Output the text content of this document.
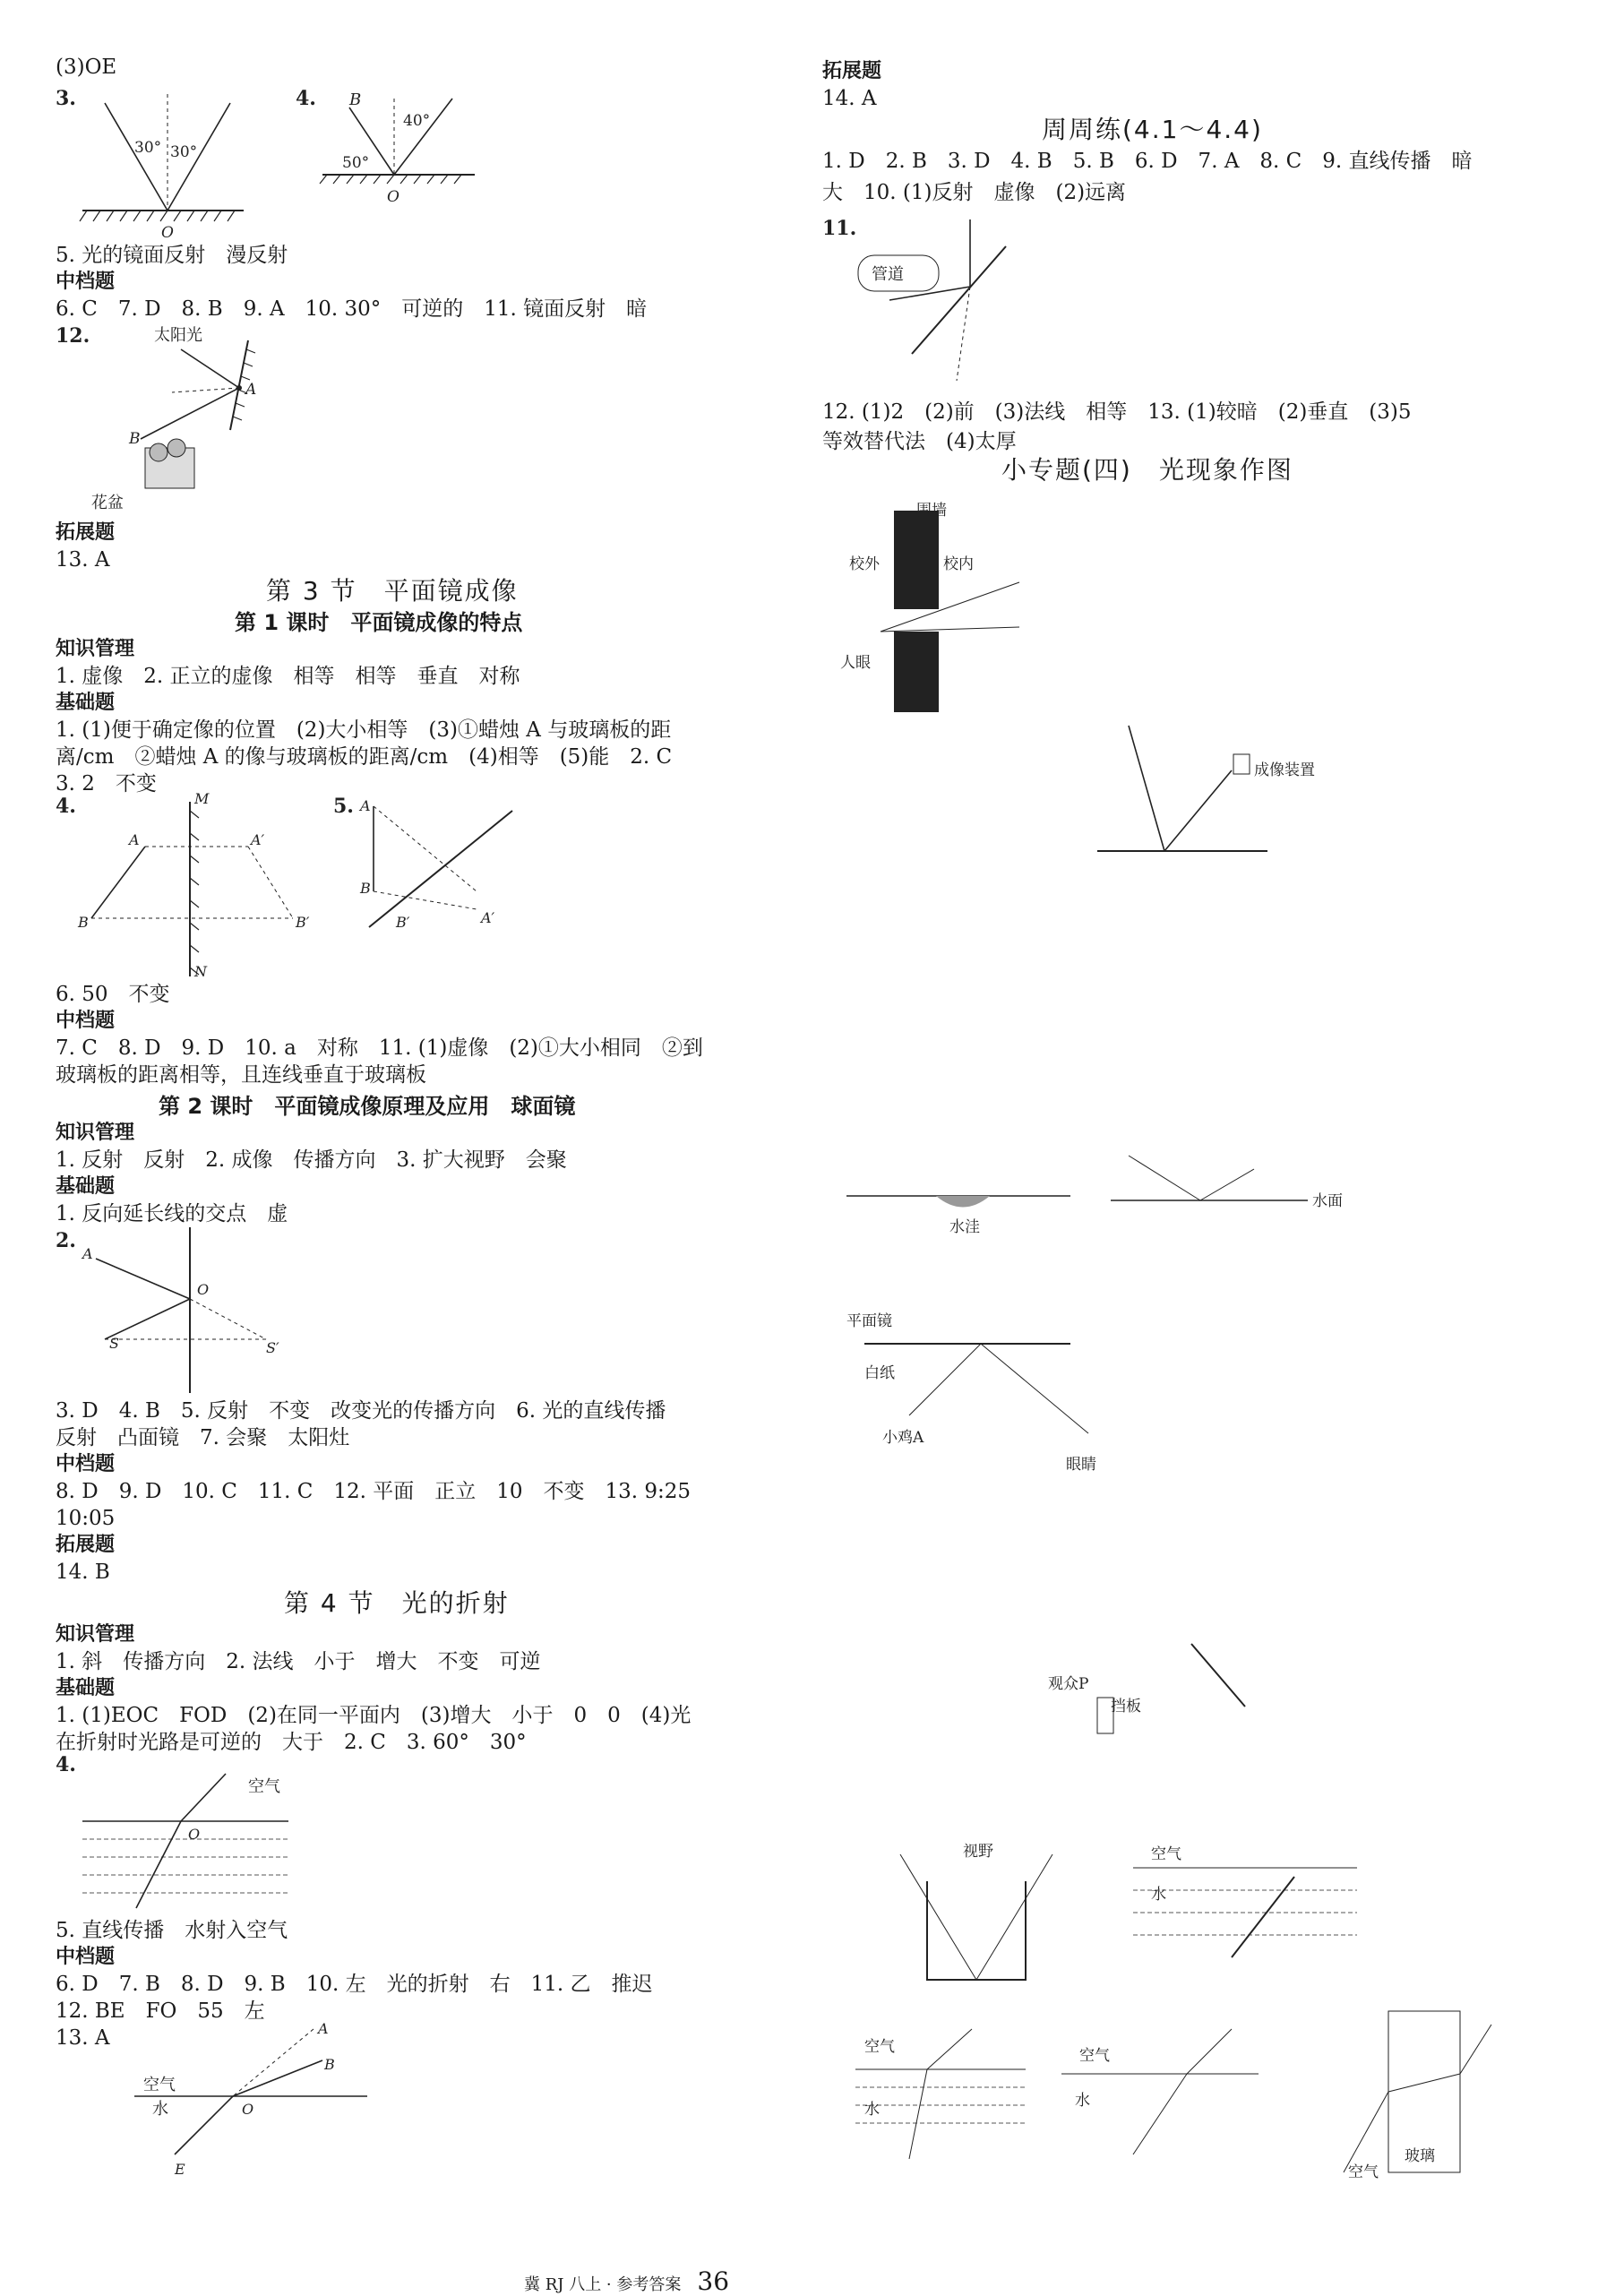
(3)OE
5. 光的镜面反射　漫反射
中档题
6. C　7. D　8. B　9. A　10. 30°　可逆的　11. 镜面反射　暗
拓展题
13. A
第 3 节　平面镜成像
第 1 课时　平面镜成像的特点
知识管理
1. 虚像　2. 正立的虚像　相等　相等　垂直　对称
基础题
1. (1)便于确定像的位置　(2)大小相等　(3)①蜡烛 A 与玻璃板的距
离/cm　②蜡烛 A 的像与玻璃板的距离/cm　(4)相等　(5)能　2. C
3. 2　不变
6. 50　不变
中档题
7. C　8. D　9. D　10. a　对称　11. (1)虚像　(2)①大小相同　②到
玻璃板的距离相等，且连线垂直于玻璃板
第 2 课时　平面镜成像原理及应用　球面镜
知识管理
1. 反射　反射　2. 成像　传播方向　3. 扩大视野　会聚
基础题
1. 反向延长线的交点　虚
3. D　4. B　5. 反射　不变　改变光的传播方向　6. 光的直线传播
反射　凸面镜　7. 会聚　太阳灶
中档题
8. D　9. D　10. C　11. C　12. 平面　正立　10　不变　13. 9:25
10:05
拓展题
14. B
第 4 节　光的折射
知识管理
1. 斜　传播方向　2. 法线　小于　增大　不变　可逆
基础题
1. (1)EOC　FOD　(2)在同一平面内　(3)增大　小于　0　0　(4)光
在折射时光路是可逆的　大于　2. C　3. 60°　30°
5. 直线传播　水射入空气
中档题
6. D　7. B　8. D　9. B　10. 左　光的折射　右　11. 乙　推迟
12. BE　FO　55　左
13. A
拓展题
14. A
周周练(4.1～4.4)
1. D　2. B　3. D　4. B　5. B　6. D　7. A　8. C　9. 直线传播　暗
大　10. (1)反射　虚像　(2)远离
12. (1)2　(2)前　(3)法线　相等　13. (1)较暗　(2)垂直　(3)5
等效替代法　(4)太厚
小专题(四)　光现象作图
3.
30° 30°
O
4. B
40°
50°
O
12.	太阳光
A
B
花盆
4.	M
N
A	A′
B	B′
5. A
B
B′	A′
2.
A
O
S	S′
4.
空气
O
A
B
空气
水	O
E
11.
管道
围墙
校外	校内
人眼
成像装置
水洼
水面
平面镜
白纸
小鸡A
眼睛
观众P
挡板
视野	空气
水
空气
水
空气
水
玻璃
空气
冀 RJ 八上 · 参考答案 36
